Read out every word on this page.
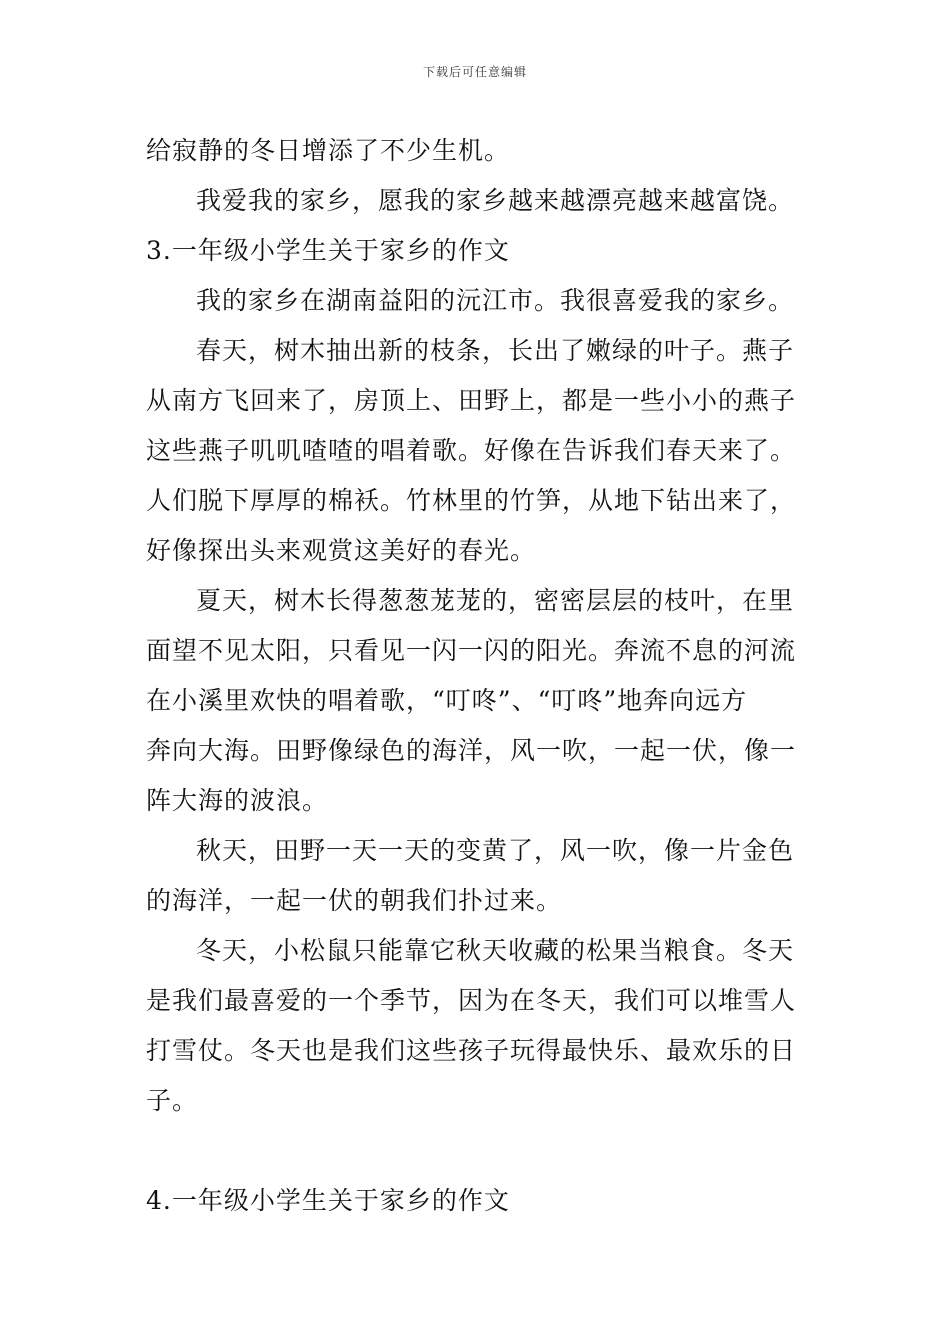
下载后可任意编辑
给寂静的冬日增添了不少生机。
我爱我的家乡，愿我的家乡越来越漂亮越来越富饶。
3.一年级小学生关于家乡的作文
我的家乡在湖南益阳的沅江市。我很喜爱我的家乡。
春天，树木抽出新的枝条，长出了嫩绿的叶子。燕子
从南方飞回来了，房顶上、田野上，都是一些小小的燕子
这些燕子叽叽喳喳的唱着歌。好像在告诉我们春天来了。
人们脱下厚厚的棉袄。竹林里的竹笋，从地下钻出来了，
好像探出头来观赏这美好的春光。
夏天，树木长得葱葱茏茏的，密密层层的枝叶，在里
面望不见太阳，只看见一闪一闪的阳光。奔流不息的河流
在小溪里欢快的唱着歌，“叮咚”、“叮咚”地奔向远方
奔向大海。田野像绿色的海洋，风一吹，一起一伏，像一
阵大海的波浪。
秋天，田野一天一天的变黄了，风一吹，像一片金色
的海洋，一起一伏的朝我们扑过来。
冬天，小松鼠只能靠它秋天收藏的松果当粮食。冬天
是我们最喜爱的一个季节，因为在冬天，我们可以堆雪人
打雪仗。冬天也是我们这些孩子玩得最快乐、最欢乐的日
子。
4.一年级小学生关于家乡的作文
